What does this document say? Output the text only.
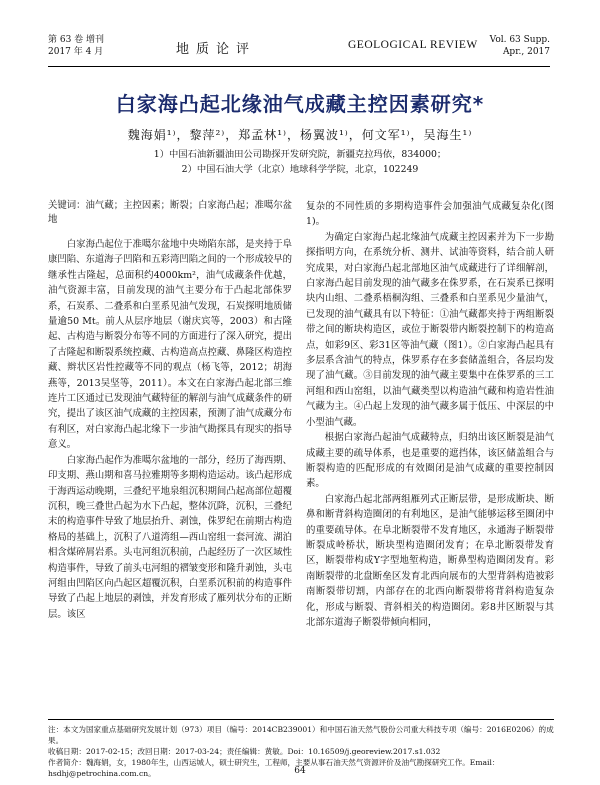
第 63 卷 增刊
2017 年 4 月	地质论评	GEOLOGICAL REVIEW Vol. 63 Supp.
Apr., 2017
白家海凸起北缘油气成藏主控因素研究*
魏海娟¹⁾，黎萍²⁾，郑孟林¹⁾，杨翼波¹⁾，何文军¹⁾，吴海生¹⁾
1）中国石油新疆油田公司勘探开发研究院，新疆克拉玛依，834000；
2）中国石油大学（北京）地球科学学院，北京，102249

关键词：油气藏；主控因素；断裂；白家海凸起；准噶尔盆地

白家海凸起位于准噶尔盆地中央坳陷东部，是夹持于阜康凹陷、东道海子凹陷和五彩湾凹陷之间的一个形成较早的继承性古隆起，总面积约4000km²，油气成藏条件优越，油气资源丰富，目前发现的油气主要分布于凸起北部侏罗系，石炭系、二叠系和白垩系见油气发现，石炭探明地质储量逾50 Mt。前人从层序地层（谢庆宾等，2003）和古隆起、古构造与断裂分布等不同的方面进行了深入研究，提出了古隆起和断裂系统控藏、古构造高点控藏、鼻隆区构造控藏、辫状区岩性控藏等不同的观点（杨飞等，2012；胡海燕等，2013吴坚等，2011）。本文在白家海凸起北部三维连片工区通过已发现油气藏特征的解剖与油气成藏条件的研究，提出了该区油气成藏的主控因素，预测了油气成藏分布有利区，对白家海凸起北缘下一步油气勘探具有现实的指导意义。

白家海凸起作为准噶尔盆地的一部分，经历了海西期、印支期、燕山期和喜马拉雅期等多期构造运动。该凸起形成于海西运动晚期，三叠纪平地泉组沉积期间凸起高部位超覆沉积，晚三叠世凸起为水下凸起，整体沉降，沉积，三叠纪末的构造事件导致了地层抬升、剥蚀，侏罗纪在前期古构造格局的基础上，沉积了八道湾组—西山窑组一套河流、湖泊相含煤碎屑岩系。头屯河组沉积前，凸起经历了一次区域性构造事件，导致了前头屯河组的褶皱变形和隆升剥蚀，头屯河组由凹陷区向凸起区超覆沉积，白垩系沉积前的构造事件导致了凸起上地层的剥蚀，并发育形成了雁列状分布的正断层。该区

复杂的不同性质的多期构造事件会加强油气成藏复杂化(图1)。

为确定白家海凸起北缘油气成藏主控因素并为下一步勘探指明方向，在系统分析、测井、试油等资料，结合前人研究成果，对白家海凸起北部地区油气成藏进行了详细解剖，白家海凸起目前发现的油气藏多在侏罗系，在石炭系已探明块内山组、二叠系梧桐沟组、三叠系和白垩系见少量油气，已发现的油气藏具有以下特征：①油气藏都夹持于两组断裂带之间的断块构造区，或位于断裂带内断裂控制下的构造高点，如彩9区、彩31区等油气藏（图1）。②白家海凸起具有多层系含油气的特点，侏罗系存在多套储盖组合，各层均发现了油气藏。③目前发现的油气藏主要集中在侏罗系的三工河组和西山窑组，以油气藏类型以构造油气藏和构造岩性油气藏为主。④凸起上发现的油气藏多属于低压、中深层的中小型油气藏。

根据白家海凸起油气成藏特点，归纳出该区断裂是油气成藏主要的疏导体系，也是重要的遮挡体，该区储盖组合与断裂构造的匹配形成的有效圈闭是油气成藏的重要控制因素。

白家海凸起北部两组雁列式正断层带，是形成断块、断鼻和断背斜构造圈闭的有利地区，是油气能够运移至圈闭中的重要疏导体。在阜北断裂带不发育地区，永通海子断裂带断裂成岭桥状，断块型构造圈闭发育；在阜北断裂带发育区，断裂带构成Y字型地堑构造，断鼻型构造圈闭发育。彩南断裂带的北盘断垒区发育北西向展布的大型背斜构造被彩南断裂带切割，内部存在的北西向断裂带将背斜构造复杂化，形成与断裂、背斜相关的构造圈闭。彩8井区断裂与其北部东道海子断裂带倾向相同，

注：本文为国家重点基础研究发展计划（973）项目（编号：2014CB239001）和中国石油天然气股份公司重大科技专项（编号：2016E0206）的成果。

收稿日期：2017-02-15；改回日期：2017-03-24；责任编辑：黄敏。Doi：10.16509/j.georeview.2017.s1.032

作者简介：魏海娟，女，1980年生，山西运城人，硕士研究生，工程师，主要从事石油天然气资源评价及油气勘探研究工作。Email：hsdhj@petrochina.com.cn。	64
